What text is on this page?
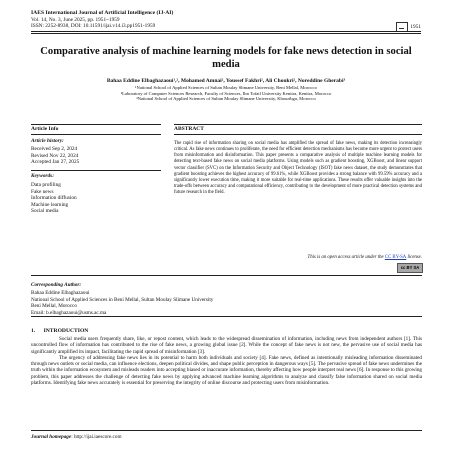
IAES International Journal of Artificial Intelligence (IJ-AI)
Vol. 14, No. 3, June 2025, pp. 1951~1959
ISSN: 2252-8938, DOI: 10.11591/ijai.v14.i3.pp1951-1959	1951
Comparative analysis of machine learning models for fake news detection in social media
Bahaa Eddine Elbaghazaoui¹,², Mohamed Amnai², Youssef Fakhri², Ali Choukri², Noreddine Gherabi³
¹National School of Applied Sciences of Sultan Moulay Slimane University, Beni Mellal, Morocco
²Laboratory of Computer Sciences Research, Faculty of Sciences, Ibn Tofail University Kenitra, Kenitra, Morocco
³National School of Applied Sciences of Sultan Moulay Slimane University, Khouribga, Morocco
Article Info	ABSTRACT
Article history:
Received Sep 2, 2024
Revised Nov 22, 2024
Accepted Jan 27, 2025
Keywords:
Data profiling
Fake news
Information diffusion
Machine learning
Social media
The rapid rise of information sharing on social media has amplified the spread of fake news, making its detection increasingly critical. As fake news continues to proliferate, the need for efficient detection mechanisms has become more urgent to protect users from misinformation and disinformation. This paper presents a comparative analysis of multiple machine learning models for detecting text-based fake news on social media platforms. Using models such as gradient boosting, XGBoost, and linear support vector classifier (SVC) on the Information Security and Object Technology (ISOT) fake news dataset, the study demonstrates that gradient boosting achieves the highest accuracy of 99.61%, while XGBoost provides a strong balance with 99.59% accuracy and a significantly lower execution time, making it more suitable for real-time applications. These results offer valuable insights into the trade-offs between accuracy and computational efficiency, contributing to the development of more practical detection systems and future research in the field.
This is an open access article under the CC BY-SA license.
cc BY SA
Corresponding Author:
Bahaa Eddine Elbaghazaoui
National School of Applied Sciences in Beni Mellal, Sultan Moulay Slimane University
Beni Mellal, Morocco
Email: b.elbaghazaoui@usms.ac.ma
1.      INTRODUCTION

Social media users frequently share, like, or repost content, which leads to the widespread dissemination of information, including news from independent authors [1]. This uncontrolled flow of information has contributed to the rise of fake news, a growing global issue [2]. While the concept of fake news is not new, the pervasive use of social media has significantly amplified its impact, facilitating the rapid spread of misinformation [3].

The urgency of addressing fake news lies in its potential to harm both individuals and society [4]. Fake news, defined as intentionally misleading information disseminated through news outlets or social media, can influence elections, deepen political divides, and shape public perception in dangerous ways [5]. The pervasive spread of fake news undermines the truth within the information ecosystem and misleads readers into accepting biased or inaccurate information, thereby affecting how people interpret real news [6]. In response to this growing problem, this paper addresses the challenge of detecting fake news by applying advanced machine learning algorithms to analyze and classify false information shared on social media platforms. Identifying fake news accurately is essential for preserving the integrity of online discourse and protecting users from misinformation.

Journal homepage: http://ijai.iaescore.com
